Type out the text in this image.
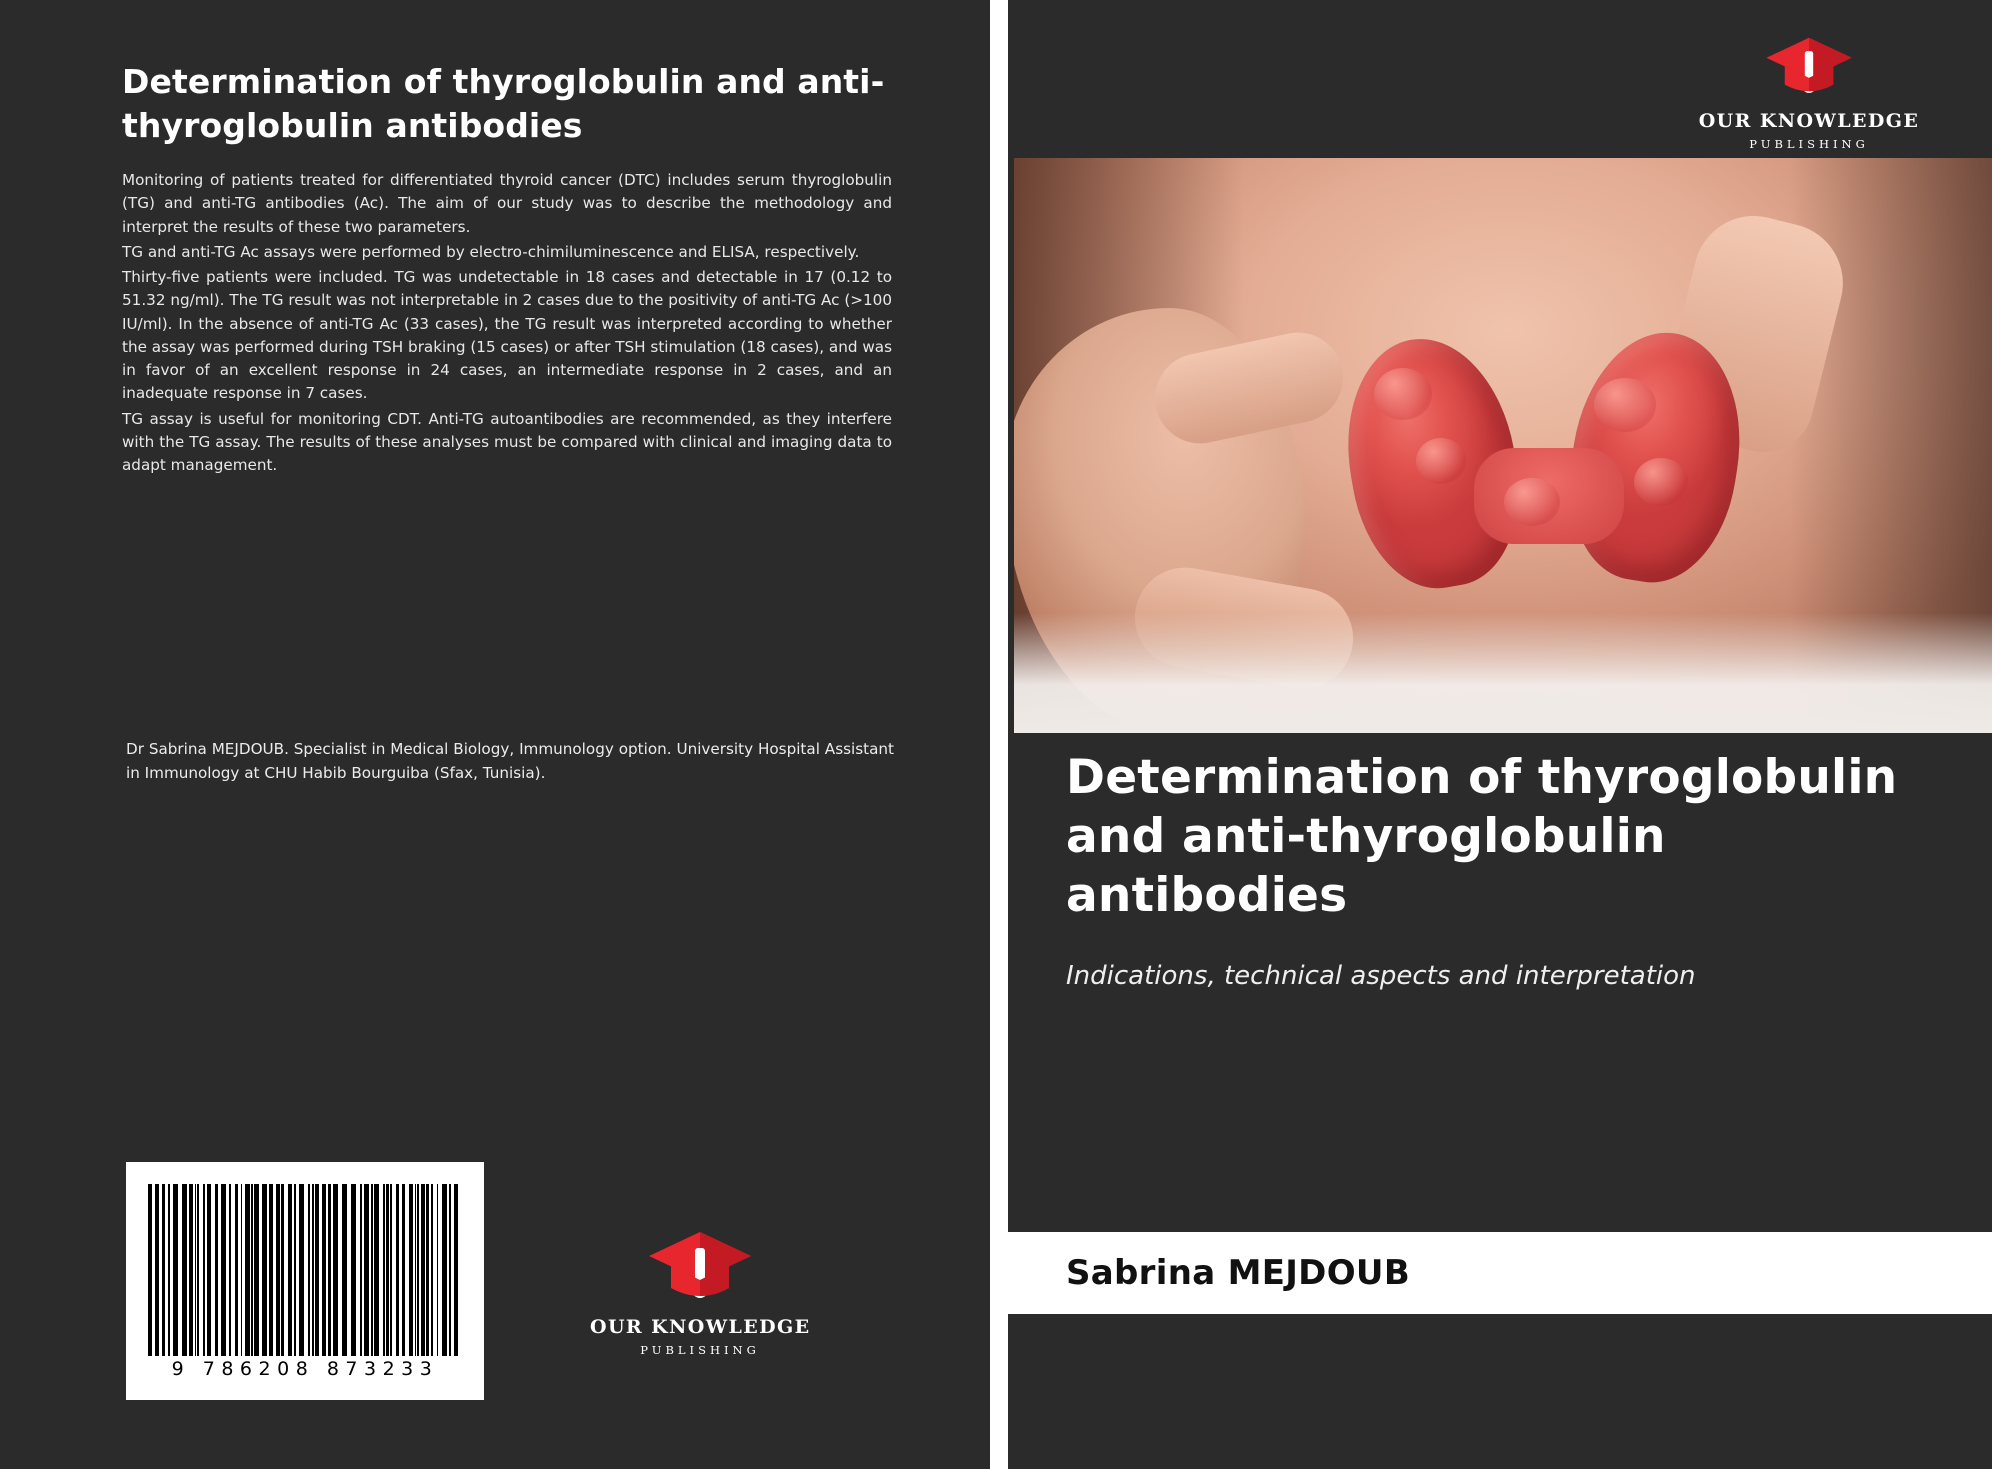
Determination of thyroglobulin and anti-thyroglobulin antibodies

Monitoring of patients treated for differentiated thyroid cancer (DTC) includes serum thyroglobulin (TG) and anti-TG antibodies (Ac). The aim of our study was to describe the methodology and interpret the results of these two parameters.

TG and anti-TG Ac assays were performed by electro-chimiluminescence and ELISA, respectively.

Thirty-five patients were included. TG was undetectable in 18 cases and detectable in 17 (0.12 to 51.32 ng/ml). The TG result was not interpretable in 2 cases due to the positivity of anti-TG Ac (>100 IU/ml). In the absence of anti-TG Ac (33 cases), the TG result was interpreted according to whether the assay was performed during TSH braking (15 cases) or after TSH stimulation (18 cases), and was in favor of an excellent response in 24 cases, an intermediate response in 2 cases, and an inadequate response in 7 cases.

TG assay is useful for monitoring CDT. Anti-TG autoantibodies are recommended, as they interfere with the TG assay. The results of these analyses must be compared with clinical and imaging data to adapt management.

Dr Sabrina MEJDOUB. Specialist in Medical Biology, Immunology option. University Hospital Assistant in Immunology at CHU Habib Bourguiba (Sfax, Tunisia).

9 786208 873233
OUR KNOWLEDGE
PUBLISHING
OUR KNOWLEDGE
PUBLISHING
Determination of thyroglobulin and anti-thyroglobulin antibodies

Indications, technical aspects and interpretation

Sabrina MEJDOUB
